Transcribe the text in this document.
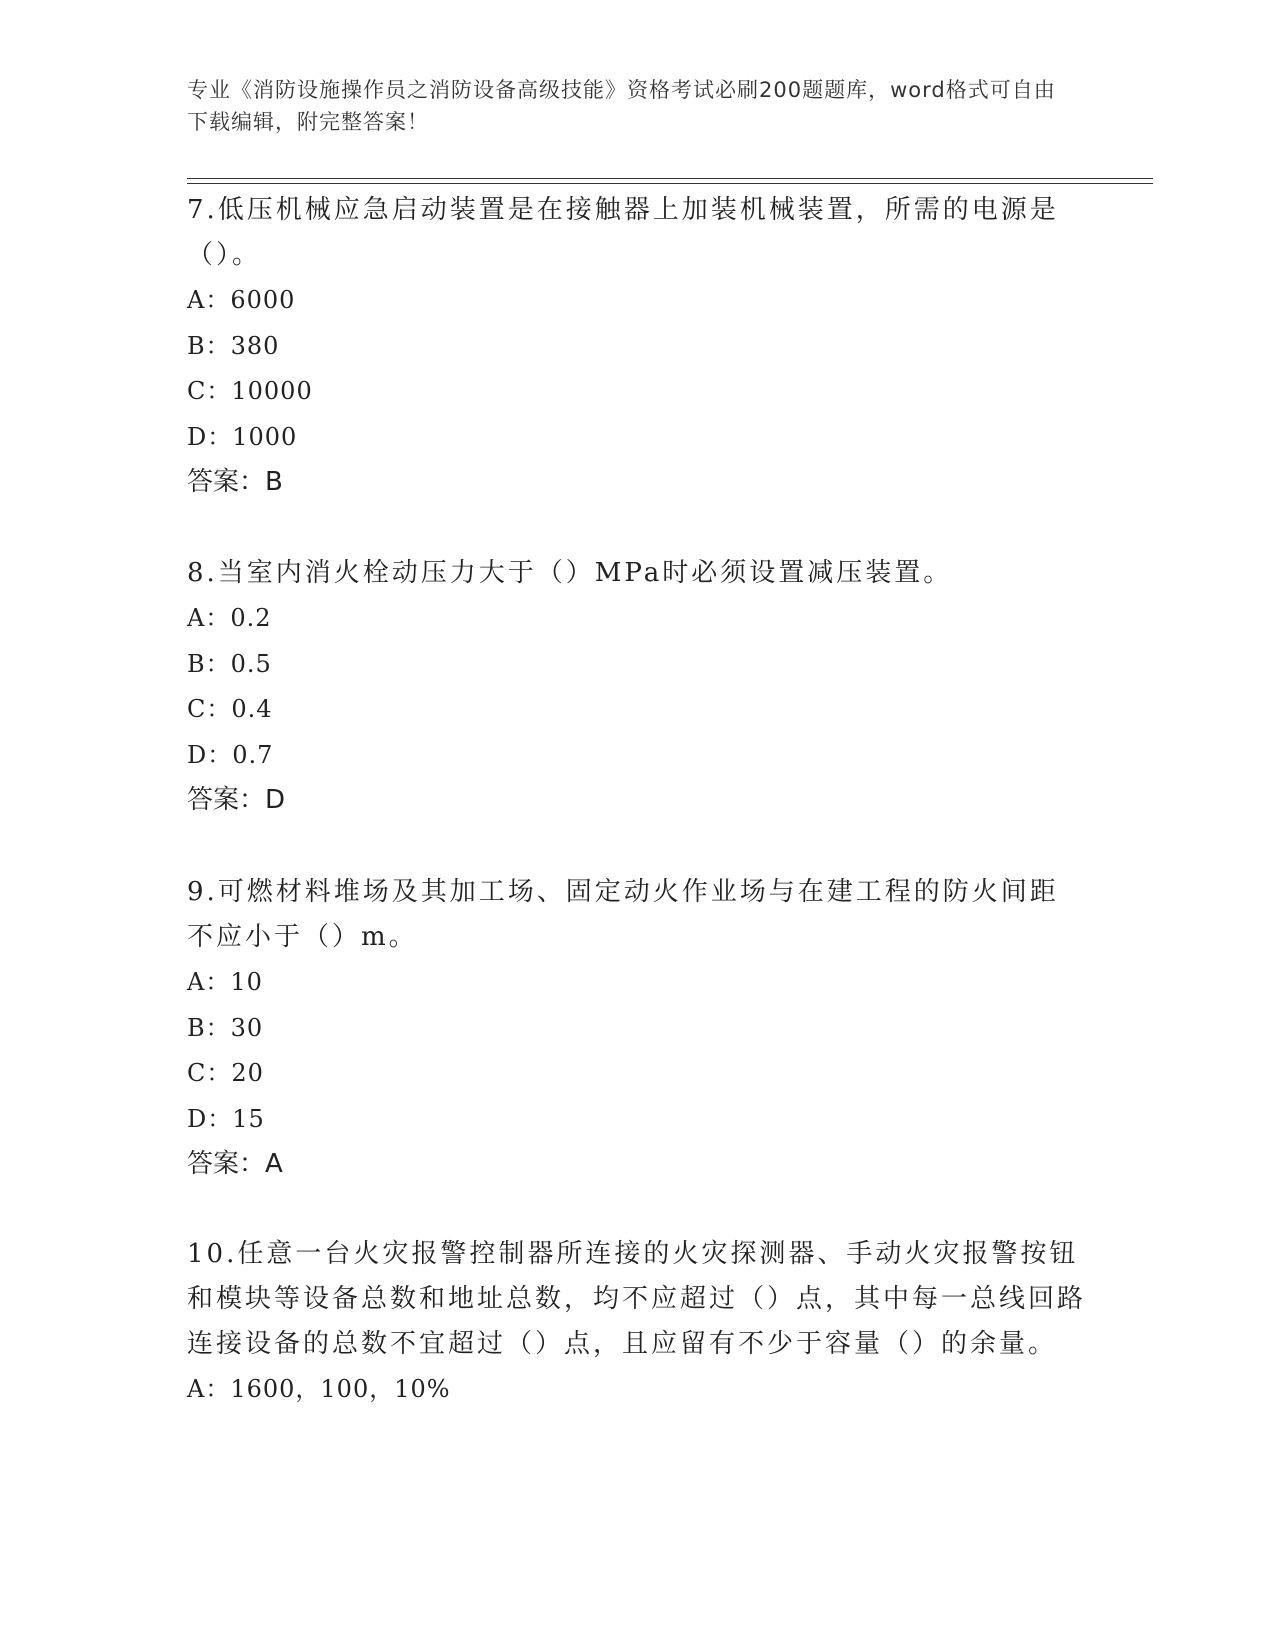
专业《消防设施操作员之消防设备高级技能》资格考试必刷200题题库，word格式可自由下载编辑，附完整答案！

7.低压机械应急启动装置是在接触器上加装机械装置，所需的电源是（）。

A：6000
B：380
C：10000
D：1000
答案：B

8.当室内消火栓动压力大于（）MPa时必须设置减压装置。

A：0.2
B：0.5
C：0.4
D：0.7
答案：D

9.可燃材料堆场及其加工场、固定动火作业场与在建工程的防火间距不应小于（）m。

A：10
B：30
C：20
D：15
答案：A

10.任意一台火灾报警控制器所连接的火灾探测器、手动火灾报警按钮和模块等设备总数和地址总数，均不应超过（）点，其中每一总线回路连接设备的总数不宜超过（）点，且应留有不少于容量（）的余量。

A：1600，100，10%
